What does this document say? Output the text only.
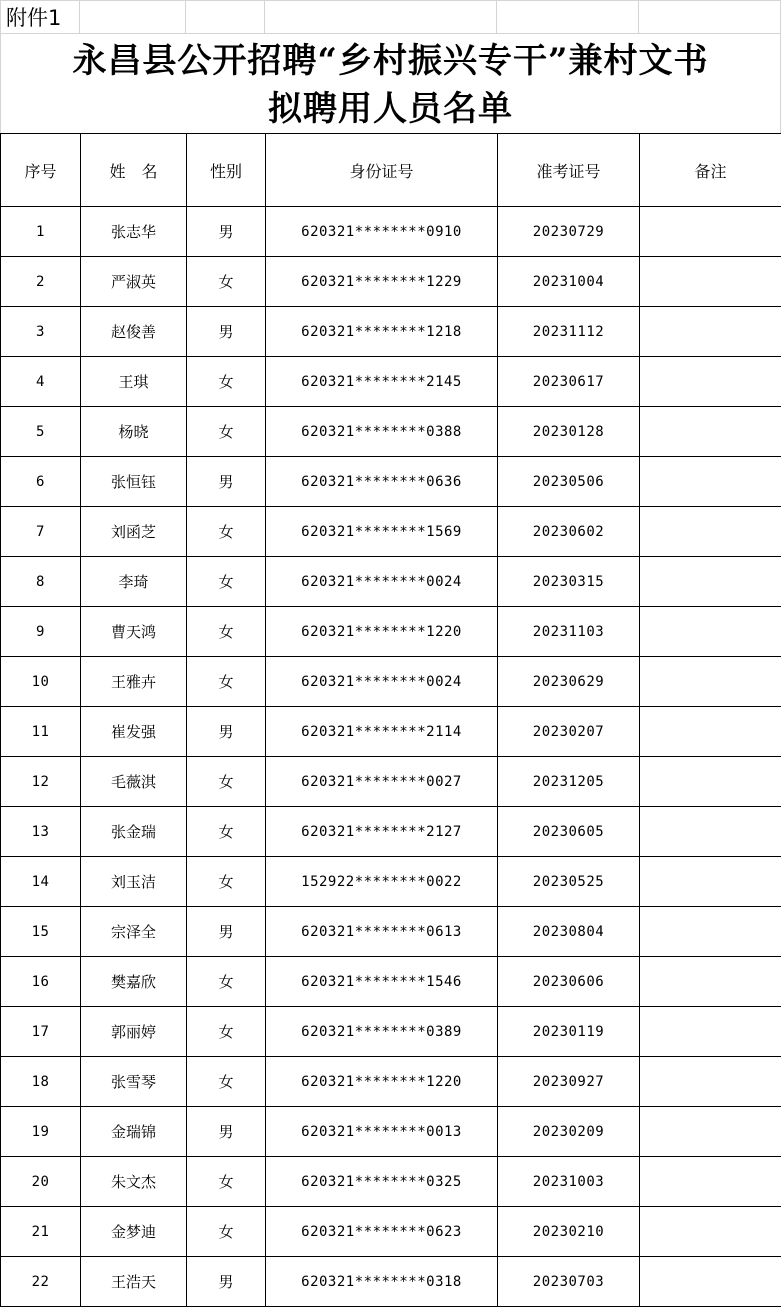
附件1
永昌县公开招聘“乡村振兴专干”兼村文书
拟聘用人员名单
序号	姓　名	性别	身份证号	准考证号	备注
1	张志华	男	620321********0910	20230729	
2	严淑英	女	620321********1229	20231004	
3	赵俊善	男	620321********1218	20231112	
4	王琪	女	620321********2145	20230617	
5	杨晓	女	620321********0388	20230128	
6	张恒钰	男	620321********0636	20230506	
7	刘函芝	女	620321********1569	20230602	
8	李琦	女	620321********0024	20230315	
9	曹天鸿	女	620321********1220	20231103	
10	王雅卉	女	620321********0024	20230629	
11	崔发强	男	620321********2114	20230207	
12	毛薇淇	女	620321********0027	20231205	
13	张金瑞	女	620321********2127	20230605	
14	刘玉洁	女	152922********0022	20230525	
15	宗泽全	男	620321********0613	20230804	
16	樊嘉欣	女	620321********1546	20230606	
17	郭丽婷	女	620321********0389	20230119	
18	张雪琴	女	620321********1220	20230927	
19	金瑞锦	男	620321********0013	20230209	
20	朱文杰	女	620321********0325	20231003	
21	金梦迪	女	620321********0623	20230210	
22	王浩天	男	620321********0318	20230703	
